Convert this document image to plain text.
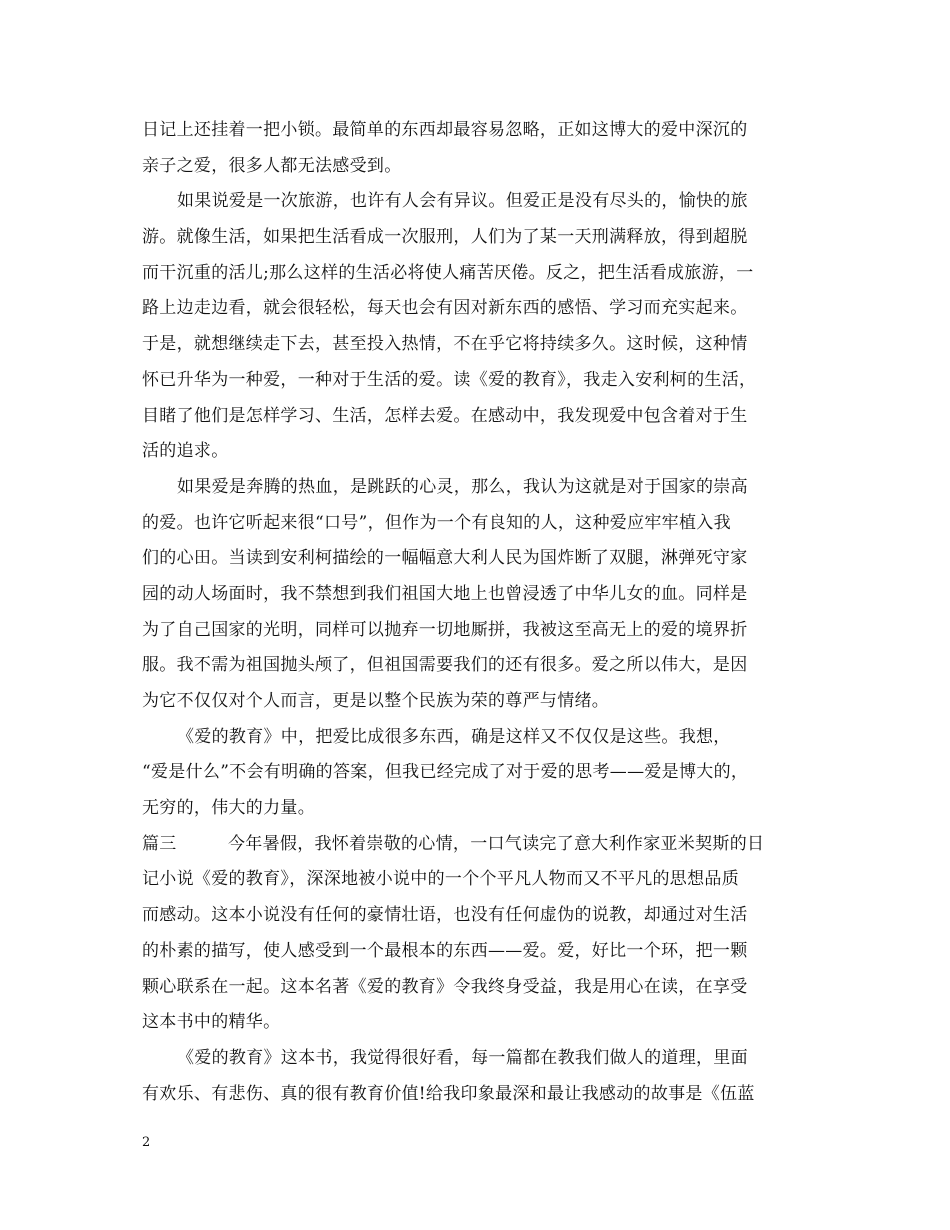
日记上还挂着一把小锁。最简单的东西却最容易忽略，正如这博大的爱中深沉的
亲子之爱，很多人都无法感受到。
如果说爱是一次旅游，也许有人会有异议。但爱正是没有尽头的，愉快的旅
游。就像生活，如果把生活看成一次服刑，人们为了某一天刑满释放，得到超脱
而干沉重的活儿;那么这样的生活必将使人痛苦厌倦。反之，把生活看成旅游，一
路上边走边看，就会很轻松，每天也会有因对新东西的感悟、学习而充实起来。
于是，就想继续走下去，甚至投入热情，不在乎它将持续多久。这时候，这种情
怀已升华为一种爱，一种对于生活的爱。读《爱的教育》，我走入安利柯的生活，
目睹了他们是怎样学习、生活，怎样去爱。在感动中，我发现爱中包含着对于生
活的追求。
如果爱是奔腾的热血，是跳跃的心灵，那么，我认为这就是对于国家的崇高
的爱。也许它听起来很“口号”，但作为一个有良知的人，这种爱应牢牢植入我
们的心田。当读到安利柯描绘的一幅幅意大利人民为国炸断了双腿，淋弹死守家
园的动人场面时，我不禁想到我们祖国大地上也曾浸透了中华儿女的血。同样是
为了自己国家的光明，同样可以抛弃一切地厮拼，我被这至高无上的爱的境界折
服。我不需为祖国抛头颅了，但祖国需要我们的还有很多。爱之所以伟大，是因
为它不仅仅对个人而言，更是以整个民族为荣的尊严与情绪。
《爱的教育》中，把爱比成很多东西，确是这样又不仅仅是这些。我想，
“爱是什么”不会有明确的答案，但我已经完成了对于爱的思考——爱是博大的，
无穷的，伟大的力量。
篇三	今年暑假，我怀着崇敬的心情，一口气读完了意大利作家亚米契斯的日
记小说《爱的教育》，深深地被小说中的一个个平凡人物而又不平凡的思想品质
而感动。这本小说没有任何的豪情壮语，也没有任何虚伪的说教，却通过对生活
的朴素的描写，使人感受到一个最根本的东西——爱。爱，好比一个环，把一颗
颗心联系在一起。这本名著《爱的教育》令我终身受益，我是用心在读，在享受
这本书中的精华。
《爱的教育》这本书，我觉得很好看，每一篇都在教我们做人的道理，里面
有欢乐、有悲伤、真的很有教育价值!给我印象最深和最让我感动的故事是《伍蓝
2
